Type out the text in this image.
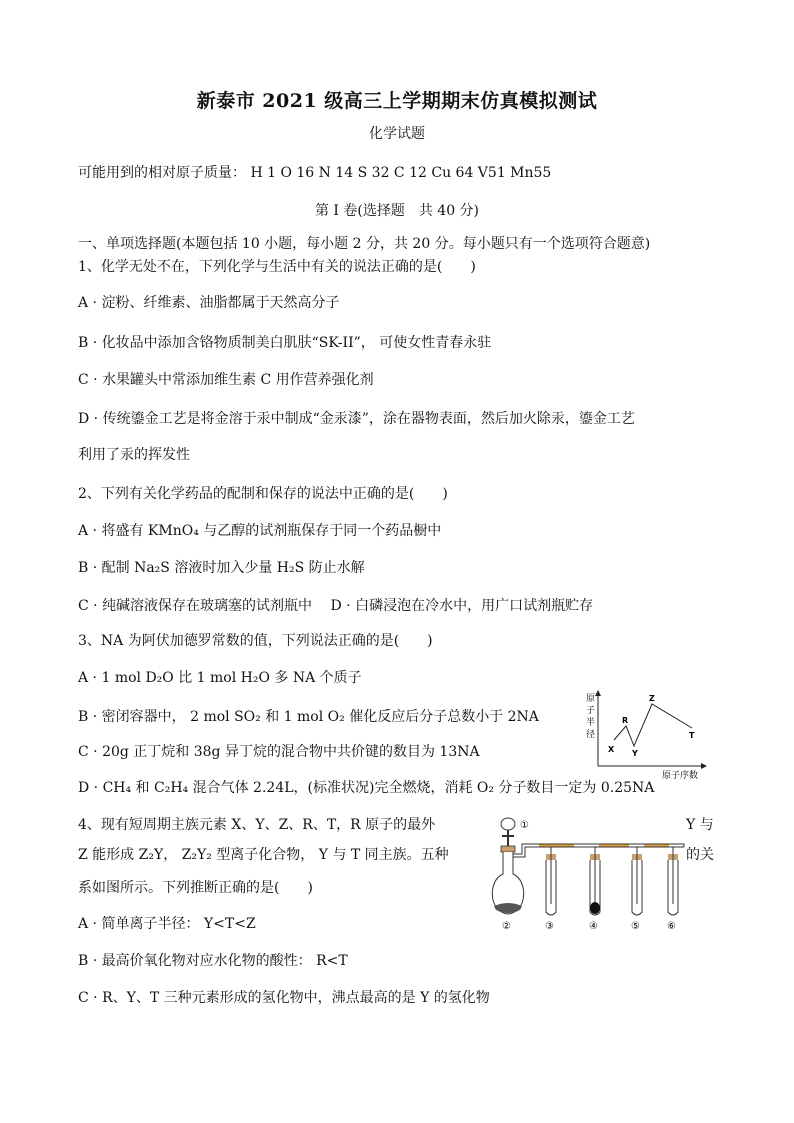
新泰市 2021 级高三上学期期末仿真模拟测试
化学试题
可能用到的相对原子质量： H 1 O 16 N 14 S 32 C 12 Cu 64 V51 Mn55
第 I 卷(选择题　共 40 分)
一、单项选择题(本题包括 10 小题，每小题 2 分，共 20 分。每小题只有一个选项符合题意)
1、化学无处不在，下列化学与生活中有关的说法正确的是(　　)
A · 淀粉、纤维素、油脂都属于天然高分子
B · 化妆品中添加含铬物质制美白肌肤“SK-II”， 可使女性青春永驻
C · 水果罐头中常添加维生素 C 用作营养强化剂
D · 传统鎏金工艺是将金溶于汞中制成“金汞漆”，涂在器物表面，然后加火除汞，鎏金工艺
利用了汞的挥发性
2、下列有关化学药品的配制和保存的说法中正确的是(　　)
A · 将盛有 KMnO₄ 与乙醇的试剂瓶保存于同一个药品橱中
B · 配制 Na₂S 溶液时加入少量 H₂S 防止水解
C · 纯碱溶液保存在玻璃塞的试剂瓶中　 D · 白磷浸泡在冷水中，用广口试剂瓶贮存
3、NA 为阿伏加德罗常数的值，下列说法正确的是(　　)
A · 1 mol D₂O 比 1 mol H₂O 多 NA 个质子
B · 密闭容器中， 2 mol SO₂ 和 1 mol O₂ 催化反应后分子总数小于 2NA
C · 20g 正丁烷和 38g 异丁烷的混合物中共价键的数目为 13NA
D · CH₄ 和 C₂H₄ 混合气体 2.24L，(标准状况)完全燃烧，消耗 O₂ 分子数目一定为 0.25NA
4、现有短周期主族元素 X、Y、Z、R、T，R 原子的最外	Y 与
Z 能形成 Z₂Y， Z₂Y₂ 型离子化合物， Y 与 T 同主族。五种	的关
系如图所示。下列推断正确的是(　　)
A · 简单离子半径： Y<T<Z
B · 最高价氧化物对应水化物的酸性： R<T
C · R、Y、T 三种元素形成的氢化物中，沸点最高的是 Y 的氢化物
原
子
半
径
X
R
Y
Z
T
原子序数
①
②	③	④	⑤	⑥
